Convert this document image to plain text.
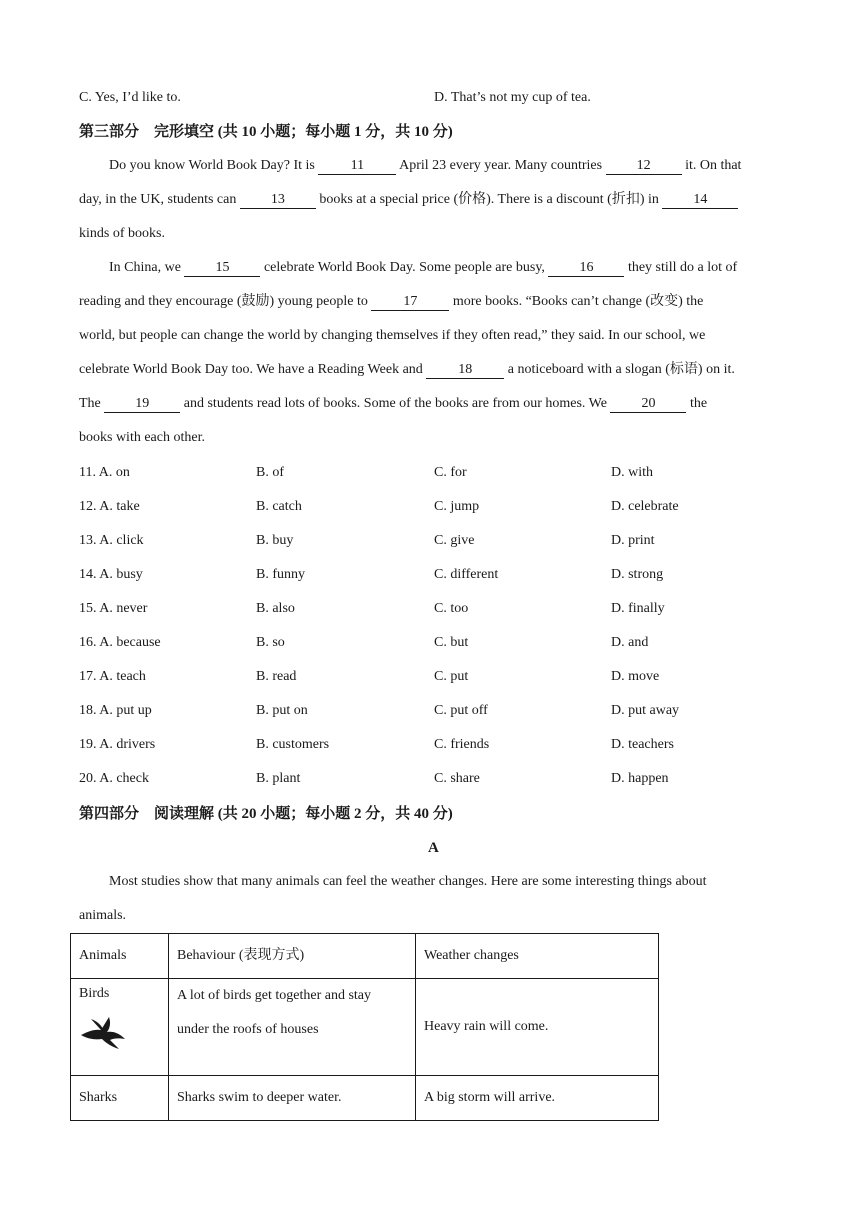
C. Yes, I’d like to.	D. That’s not my cup of tea.
第三部分　完形填空 (共 10 小题；每小题 1 分，共 10 分)
Do you know World Book Day? It is 11 April 23 every year. Many countries 12 it. On that
day, in the UK, students can 13 books at a special price (价格). There is a discount (折扣) in 14
kinds of books.
In China, we 15 celebrate World Book Day. Some people are busy, 16 they still do a lot of
reading and they encourage (鼓励) young people to 17 more books. “Books can’t change (改变) the
world, but people can change the world by changing themselves if they often read,” they said. In our school, we
celebrate World Book Day too. We have a Reading Week and 18 a noticeboard with a slogan (标语) on it.
The 19 and students read lots of books. Some of the books are from our homes. We 20 the
books with each other.
11. A. on	B. of	C. for	D. with
12. A. take	B. catch	C. jump	D. celebrate
13. A. click	B. buy	C. give	D. print
14. A. busy	B. funny	C. different	D. strong
15. A. never	B. also	C. too	D. finally
16. A. because	B. so	C. but	D. and
17. A. teach	B. read	C. put	D. move
18. A. put up	B. put on	C. put off	D. put away
19. A. drivers	B. customers	C. friends	D. teachers
20. A. check	B. plant	C. share	D. happen
第四部分　阅读理解 (共 20 小题；每小题 2 分，共 40 分)
A
Most studies show that many animals can feel the weather changes. Here are some interesting things about
animals.
Animals	Behaviour (表现方式)	Weather changes

Birds	A lot of birds get together and stay
under the roofs of houses	Heavy rain will come.
Sharks	Sharks swim to deeper water.	A big storm will arrive.
